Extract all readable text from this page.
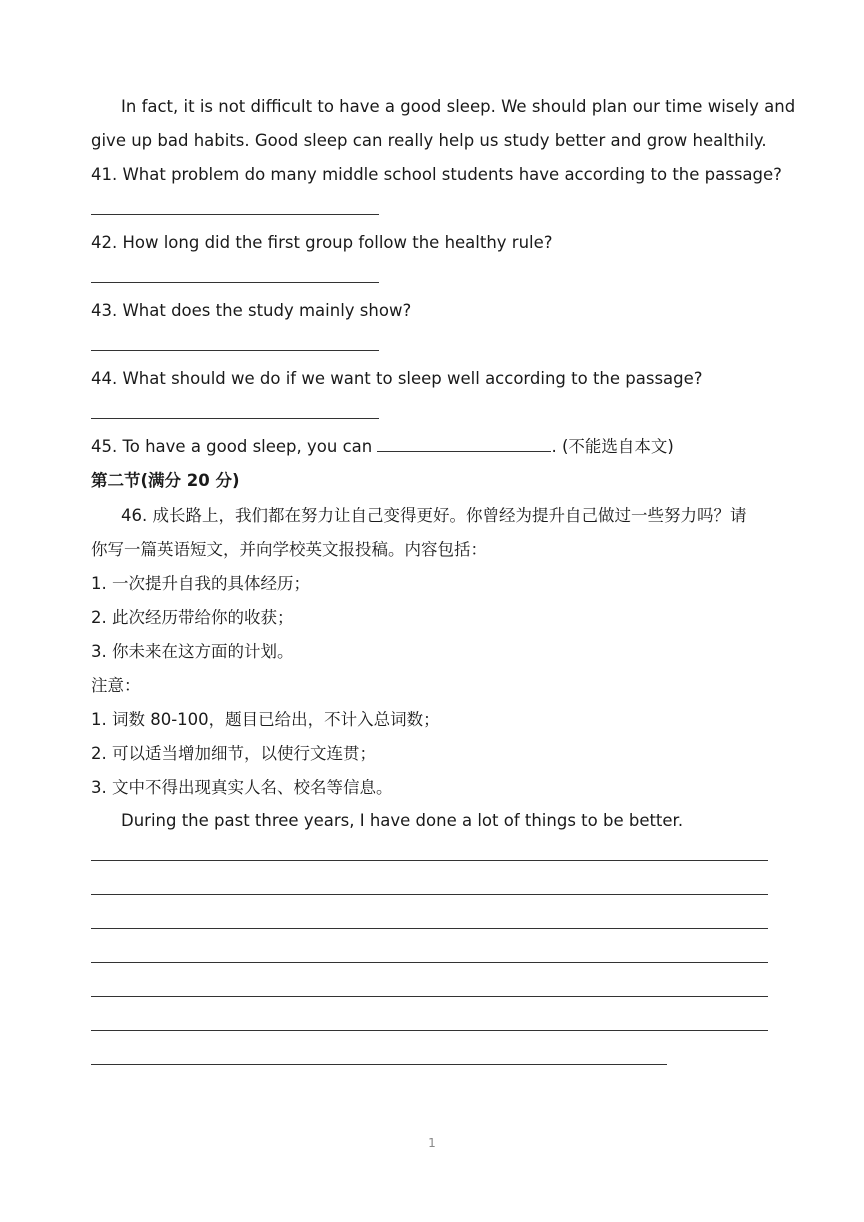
In fact, it is not difficult to have a good sleep. We should plan our time wisely and
give up bad habits. Good sleep can really help us study better and grow healthily.
41. What problem do many middle school students have according to the passage?
42. How long did the first group follow the healthy rule?
43. What does the study mainly show?
44. What should we do if we want to sleep well according to the passage?
45. To have a good sleep, you can	. (不能选自本文)
第二节(满分 20 分)
46. 成长路上，我们都在努力让自己变得更好。你曾经为提升自己做过一些努力吗？请
你写一篇英语短文，并向学校英文报投稿。内容包括：
1. 一次提升自我的具体经历；
2. 此次经历带给你的收获；
3. 你未来在这方面的计划。
注意：
1. 词数 80-100，题目已给出，不计入总词数；
2. 可以适当增加细节，以使行文连贯；
3. 文中不得出现真实人名、校名等信息。
During the past three years, I have done a lot of things to be better.
1
